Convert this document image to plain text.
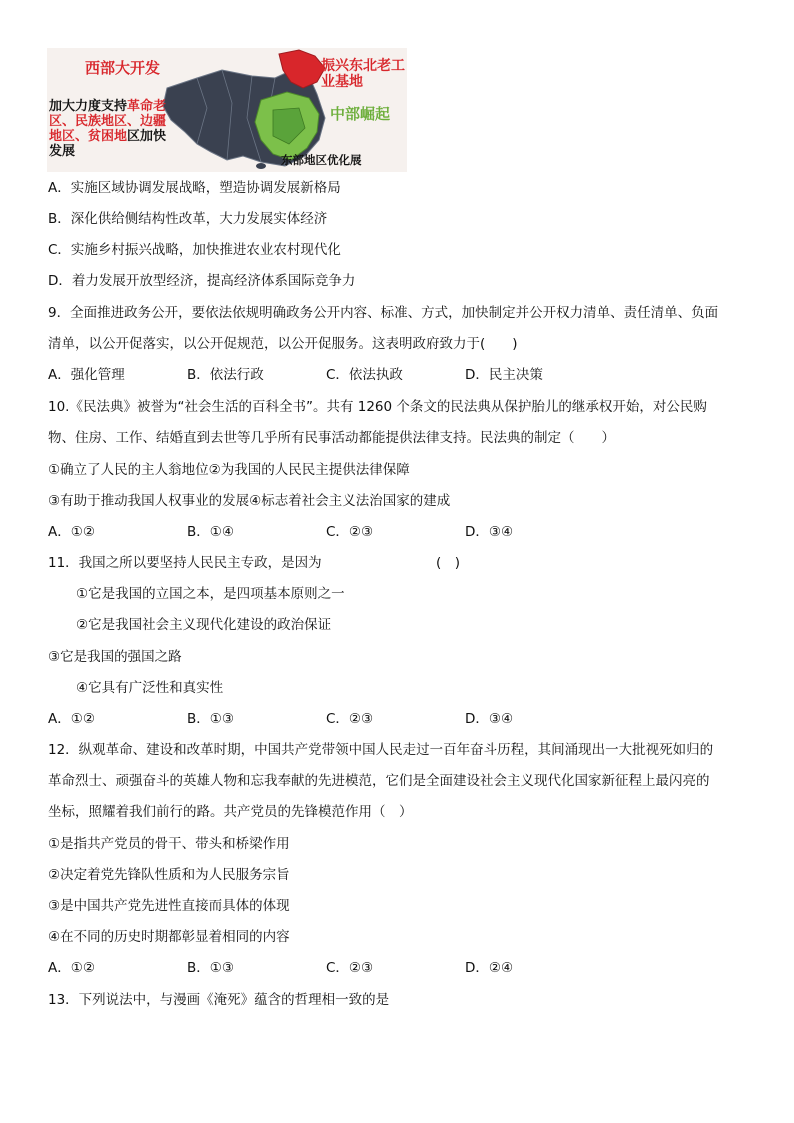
西部大开发
加大力度支持革命老区、民族地区、边疆地区、贫困地区加快发展
振兴东北老工业基地
中部崛起
东部地区优化展
A．实施区域协调发展战略，塑造协调发展新格局
B．深化供给侧结构性改革，大力发展实体经济
C．实施乡村振兴战略，加快推进农业农村现代化
D．着力发展开放型经济，提高经济体系国际竞争力
9．全面推进政务公开，要依法依规明确政务公开内容、标准、方式，加快制定并公开权力清单、责任清单、负面
清单，以公开促落实，以公开促规范，以公开促服务。这表明政府致力于(　　)
A．强化管理	B．依法行政	C．依法执政	D．民主决策
10.《民法典》被誉为“社会生活的百科全书”。共有 1260 个条文的民法典从保护胎儿的继承权开始，对公民购
物、住房、工作、结婚直到去世等几乎所有民事活动都能提供法律支持。民法典的制定（　　）
①确立了人民的主人翁地位②为我国的人民民主提供法律保障
③有助于推动我国人权事业的发展④标志着社会主义法治国家的建成
A．①②	B．①④	C．②③	D．③④
11．我国之所以要坚持人民民主专政，是因为	(　)
①它是我国的立国之本，是四项基本原则之一
②它是我国社会主义现代化建设的政治保证
③它是我国的强国之路
④它具有广泛性和真实性
A．①②	B．①③	C．②③	D．③④
12．纵观革命、建设和改革时期，中国共产党带领中国人民走过一百年奋斗历程，其间涌现出一大批视死如归的
革命烈士、顽强奋斗的英雄人物和忘我奉献的先进模范，它们是全面建设社会主义现代化国家新征程上最闪亮的
坐标，照耀着我们前行的路。共产党员的先锋模范作用（　）
①是指共产党员的骨干、带头和桥梁作用
②决定着党先锋队性质和为人民服务宗旨
③是中国共产党先进性直接而具体的体现
④在不同的历史时期都彰显着相同的内容
A．①②	B．①③	C．②③	D．②④
13．下列说法中，与漫画《淹死》蕴含的哲理相一致的是
